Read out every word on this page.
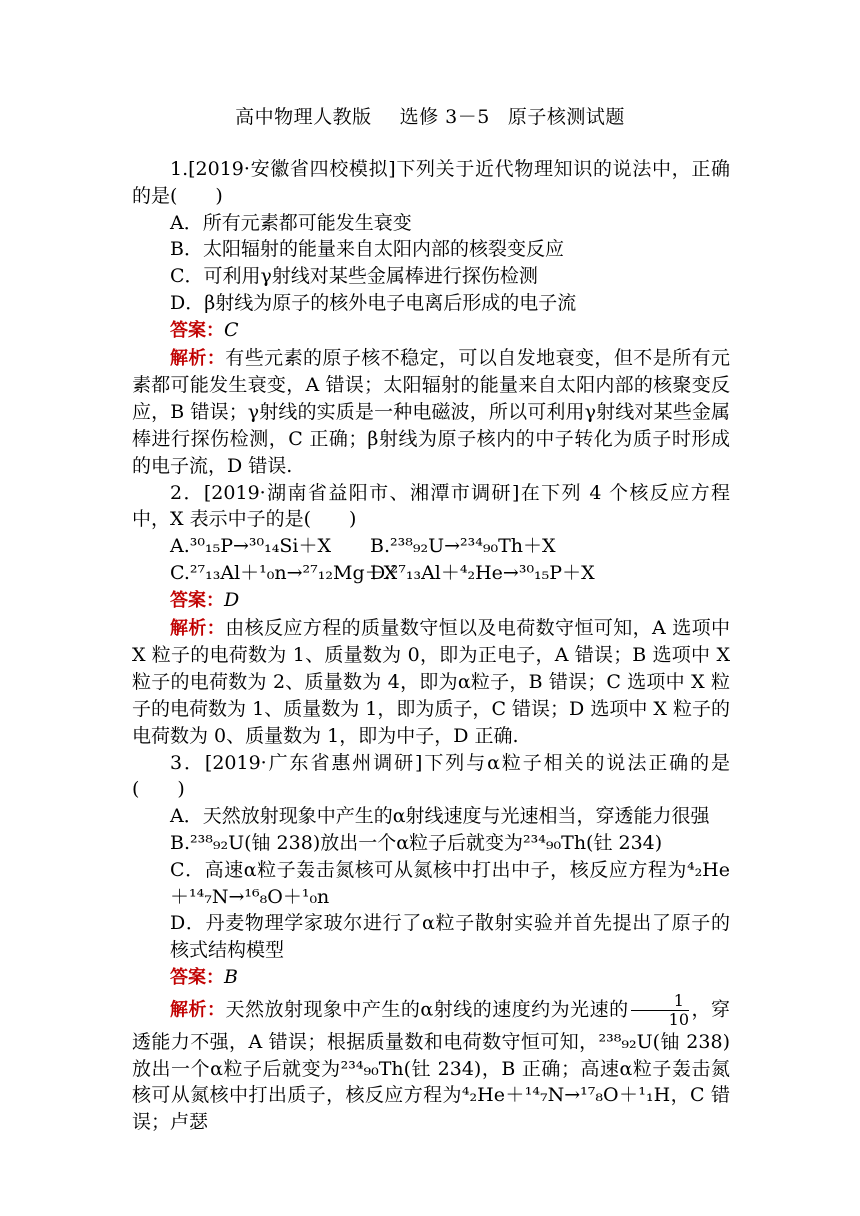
高中物理人教版 选修 3－5 原子核测试题

1.[2019·安徽省四校模拟]下列关于近代物理知识的说法中，正确的是(　　)

A．所有元素都可能发生衰变

B．太阳辐射的能量来自太阳内部的核裂变反应

C．可利用γ射线对某些金属棒进行探伤检测

D．β射线为原子的核外电子电离后形成的电子流

答案：C

解析：有些元素的原子核不稳定，可以自发地衰变，但不是所有元素都可能发生衰变，A 错误；太阳辐射的能量来自太阳内部的核聚变反应，B 错误；γ射线的实质是一种电磁波，所以可利用γ射线对某些金属棒进行探伤检测，C 正确；β射线为原子核内的中子转化为质子时形成的电子流，D 错误.

2．[2019·湖南省益阳市、湘潭市调研]在下列 4 个核反应方程中，X 表示中子的是(　　)

A.³⁰₁₅P→³⁰₁₄Si＋X B.²³⁸₉₂U→²³⁴₉₀Th＋X

C.²⁷₁₃Al＋¹₀n→²⁷₁₂Mg＋XD.²⁷₁₃Al＋⁴₂He→³⁰₁₅P＋X

答案：D

解析：由核反应方程的质量数守恒以及电荷数守恒可知，A 选项中 X 粒子的电荷数为 1、质量数为 0，即为正电子，A 错误；B 选项中 X 粒子的电荷数为 2、质量数为 4，即为α粒子，B 错误；C 选项中 X 粒子的电荷数为 1、质量数为 1，即为质子，C 错误；D 选项中 X 粒子的电荷数为 0、质量数为 1，即为中子，D 正确.

3．[2019·广东省惠州调研]下列与α粒子相关的说法正确的是(　　)

A．天然放射现象中产生的α射线速度与光速相当，穿透能力很强

B.²³⁸₉₂U(铀 238)放出一个α粒子后就变为²³⁴₉₀Th(钍 234)

C．高速α粒子轰击氮核可从氮核中打出中子，核反应方程为⁴₂He＋¹⁴₇N→¹⁶₈O＋¹₀n

D．丹麦物理学家玻尔进行了α粒子散射实验并首先提出了原子的核式结构模型

答案：B

解析：天然放射现象中产生的α射线的速度约为光速的 $\frac{1}{10}$ ，穿透能力不强，A 错误；根据质量数和电荷数守恒可知，²³⁸₉₂U(铀 238)放出一个α粒子后就变为²³⁴₉₀Th(钍 234)，B 正确；高速α粒子轰击氮核可从氮核中打出质子，核反应方程为⁴₂He＋¹⁴₇N→¹⁷₈O＋¹₁H，C 错误；卢瑟
